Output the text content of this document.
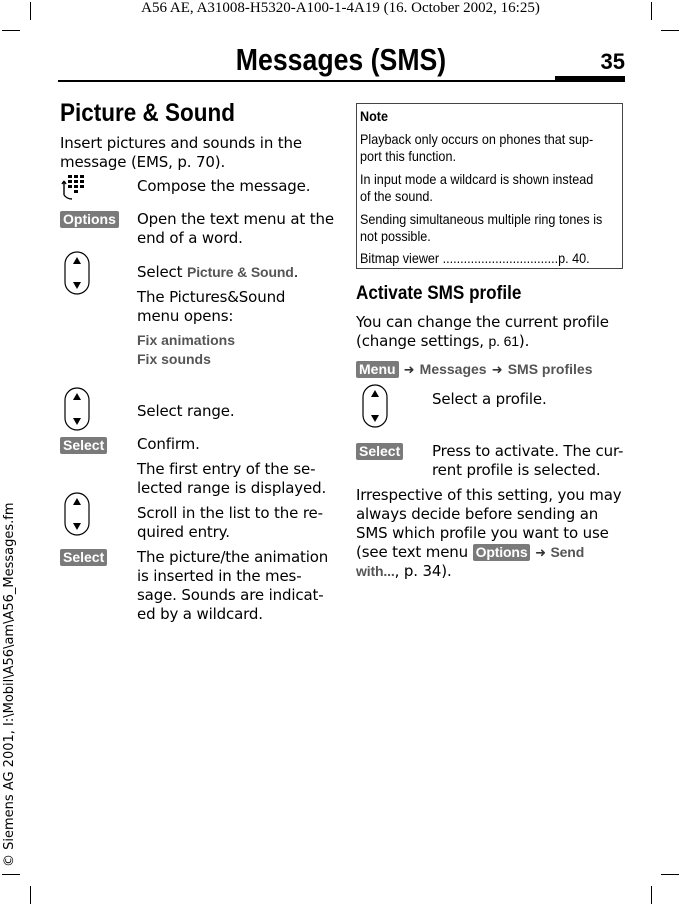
A56 AE, A31008-H5320-A100-1-4A19 (16. October 2002, 16:25)
Messages (SMS)	35
© Siemens AG 2001, I:\Mobil\A56\am\A56_Messages.fm
Picture & Sound
Insert pictures and sounds in the
message (EMS, p. 70).
Compose the message.
Options Open the text menu at the
end of a word.
Select Picture & Sound.
The Pictures&Sound
menu opens:
Fix animations
Fix sounds
Select range.
Select Confirm.
The first entry of the se-
lected range is displayed.
Scroll in the list to the re-
quired entry.
Select The picture/the animation
is inserted in the mes-
sage. Sounds are indicat-
ed by a wildcard.
Note
Playback only occurs on phones that sup-
port this function.
In input mode a wildcard is shown instead
of the sound.
Sending simultaneous multiple ring tones is
not possible.
Bitmap viewer .................................p. 40.
Activate SMS profile
You can change the current profile
(change settings, p. 61).
Menu ➜ Messages ➜ SMS profiles
Select a profile.
Select Press to activate. The cur-
rent profile is selected.
Irrespective of this setting, you may
always decide before sending an
SMS which profile you want to use
(see text menu Options ➜ Send
with..., p. 34).
